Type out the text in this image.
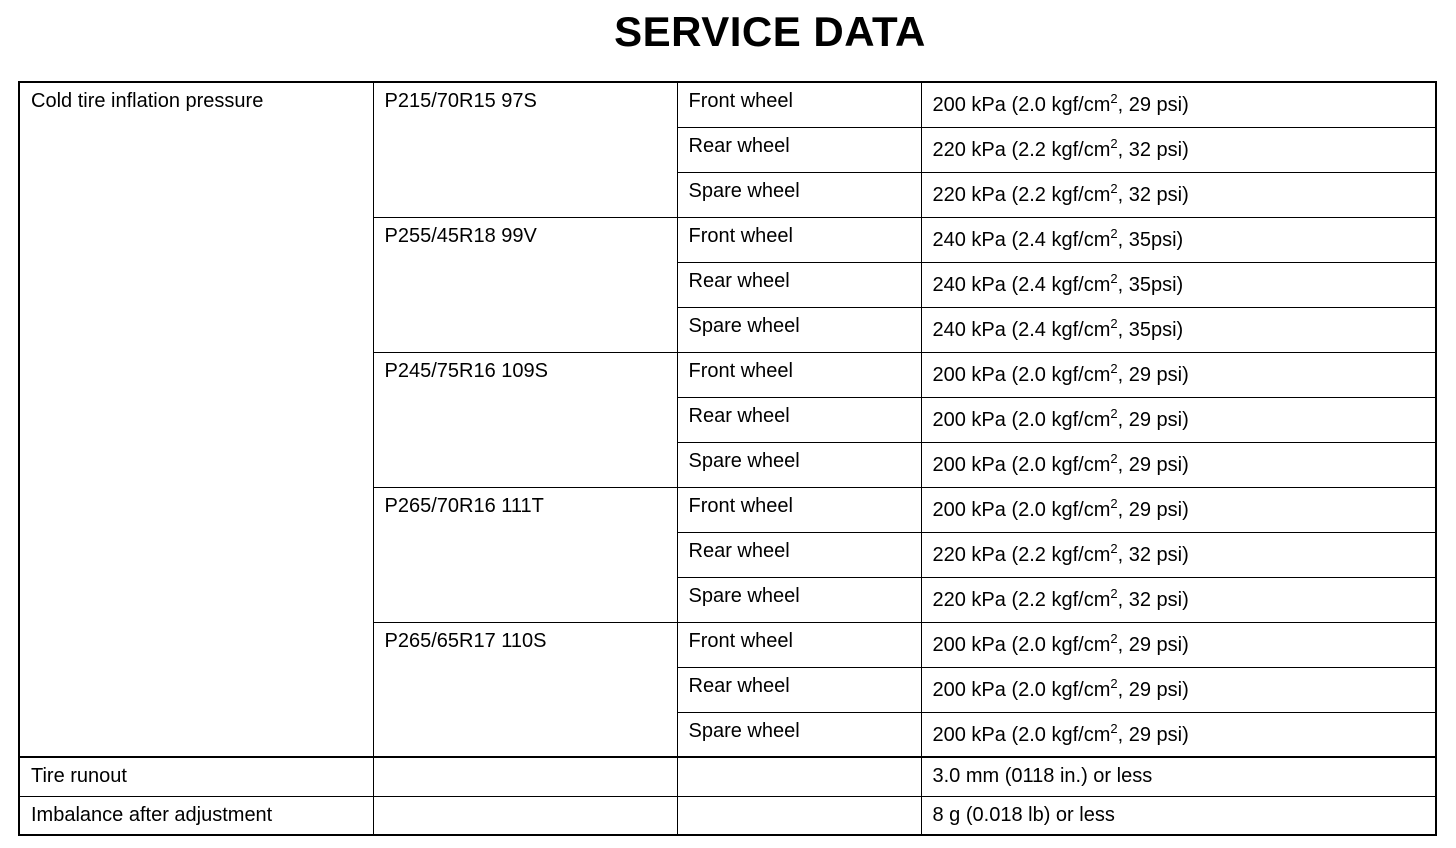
SERVICE DATA
Cold tire inflation pressure	P215/70R15 97S	Front wheel	200 kPa (2.0 kgf/$cm^2$, 29 psi)
		Rear wheel	220 kPa (2.2 kgf/$cm^2$, 32 psi)
		Spare wheel	220 kPa (2.2 kgf/$cm^2$, 32 psi)
	P255/45R18 99V	Front wheel	240 kPa (2.4 kgf/$cm^2$, 35psi)
		Rear wheel	240 kPa (2.4 kgf/$cm^2$, 35psi)
		Spare wheel	240 kPa (2.4 kgf/$cm^2$, 35psi)
	P245/75R16 109S	Front wheel	200 kPa (2.0 kgf/$cm^2$, 29 psi)
		Rear wheel	200 kPa (2.0 kgf/$cm^2$, 29 psi)
		Spare wheel	200 kPa (2.0 kgf/$cm^2$, 29 psi)
	P265/70R16 111T	Front wheel	200 kPa (2.0 kgf/$cm^2$, 29 psi)
		Rear wheel	220 kPa (2.2 kgf/$cm^2$, 32 psi)
		Spare wheel	220 kPa (2.2 kgf/$cm^2$, 32 psi)
	P265/65R17 110S	Front wheel	200 kPa (2.0 kgf/$cm^2$, 29 psi)
		Rear wheel	200 kPa (2.0 kgf/$cm^2$, 29 psi)
		Spare wheel	200 kPa (2.0 kgf/$cm^2$, 29 psi)
Tire runout			3.0 mm (0118 in.) or less
Imbalance after adjustment			8 g (0.018 lb) or less
